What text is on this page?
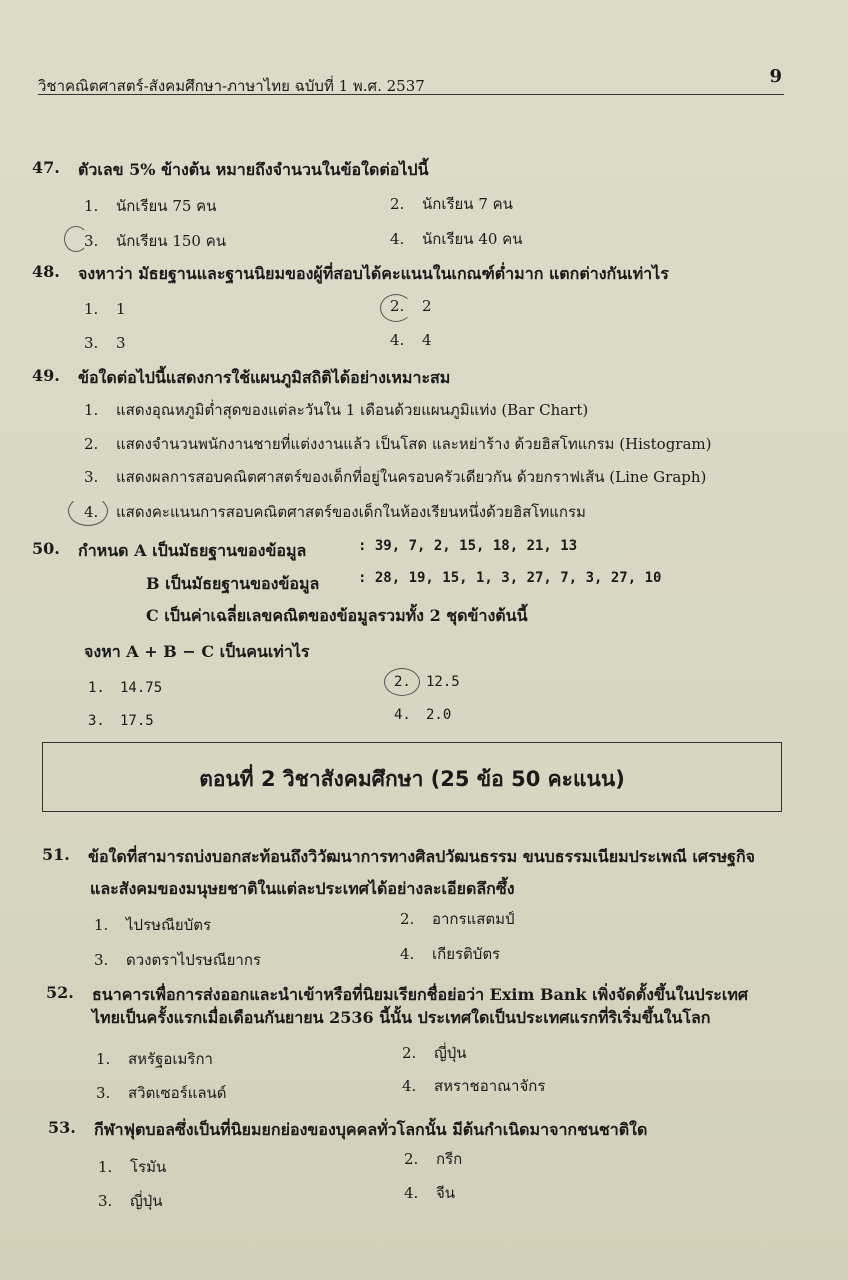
วิชาคณิตศาสตร์-สังคมศึกษา-ภาษาไทย ฉบับที่ 1 พ.ศ. 2537	9
47. ตัวเลข 5% ข้างต้น หมายถึงจำนวนในข้อใดต่อไปนี้
1. นักเรียน 75 คน	2. นักเรียน 7 คน
3. นักเรียน 150 คน	4. นักเรียน 40 คน
48. จงหาว่า มัธยฐานและฐานนิยมของผู้ที่สอบได้คะแนนในเกณฑ์ต่ำมาก แตกต่างกันเท่าไร
1. 1	2. 2
3. 3	4. 4
49. ข้อใดต่อไปนี้แสดงการใช้แผนภูมิสถิติได้อย่างเหมาะสม
1. แสดงอุณหภูมิต่ำสุดของแต่ละวันใน 1 เดือนด้วยแผนภูมิแท่ง (Bar Chart)
2. แสดงจำนวนพนักงานชายที่แต่งงานแล้ว เป็นโสด และหย่าร้าง ด้วยฮิสโทแกรม (Histogram)
3. แสดงผลการสอบคณิตศาสตร์ของเด็กที่อยู่ในครอบครัวเดียวกัน ด้วยกราฟเส้น (Line Graph)
4. แสดงคะแนนการสอบคณิตศาสตร์ของเด็กในห้องเรียนหนึ่งด้วยฮิสโทแกรม
50. กำหนด A เป็นมัธยฐานของข้อมูล	: 39, 7, 2, 15, 18, 21, 13
B เป็นมัธยฐานของข้อมูล	: 28, 19, 15, 1, 3, 27, 7, 3, 27, 10
C เป็นค่าเฉลี่ยเลขคณิตของข้อมูลรวมทั้ง 2 ชุดข้างต้นนี้
จงหา A + B − C เป็นคนเท่าไร
1. 14.75	2. 12.5
3. 17.5	4. 2.0
ตอนที่ 2 วิชาสังคมศึกษา (25 ข้อ 50 คะแนน)
51. ข้อใดที่สามารถบ่งบอกสะท้อนถึงวิวัฒนาการทางศิลปวัฒนธรรม ขนบธรรมเนียมประเพณี เศรษฐกิจ
และสังคมของมนุษยชาติในแต่ละประเทศได้อย่างละเอียดลึกซึ้ง
1. ไปรษณียบัตร	2. อากรแสตมป์
3. ดวงตราไปรษณียากร	4. เกียรติบัตร
52. ธนาคารเพื่อการส่งออกและนำเข้าหรือที่นิยมเรียกชื่อย่อว่า Exim Bank เพิ่งจัดตั้งขึ้นในประเทศ
ไทยเป็นครั้งแรกเมื่อเดือนกันยายน 2536 นี้นั้น ประเทศใดเป็นประเทศแรกที่ริเริ่มขึ้นในโลก
1. สหรัฐอเมริกา	2. ญี่ปุ่น
3. สวิตเซอร์แลนด์	4. สหราชอาณาจักร
53. กีฬาฟุตบอลซึ่งเป็นที่นิยมยกย่องของบุคคลทั่วโลกนั้น มีต้นกำเนิดมาจากชนชาติใด
1. โรมัน	2. กรีก
3. ญี่ปุ่น	4. จีน
